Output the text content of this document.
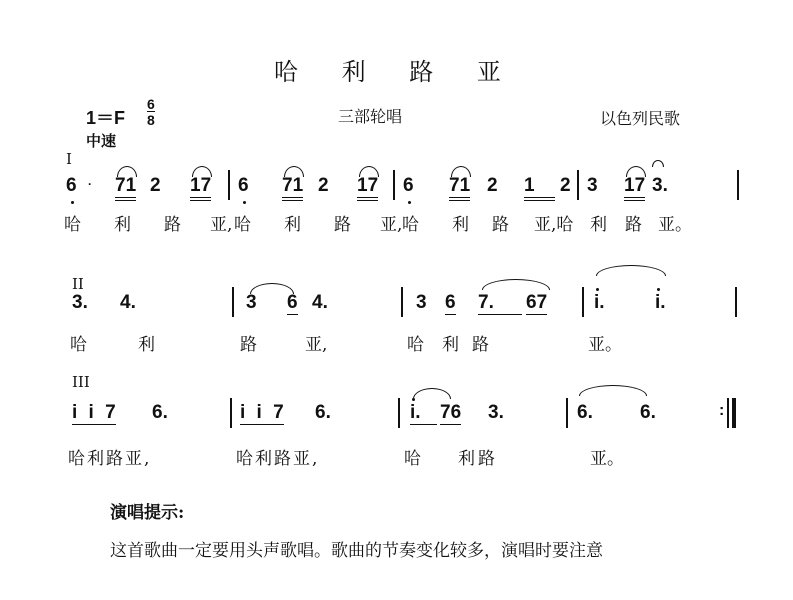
哈 利 路 亚
1＝F
6
8
中速
三部轮唱	以色列民歌
I
6 · 71 2 17 6 71 2 17 6 71 2 1	2 3 17 3.
哈 利 路 亚, 哈 利 路 亚, 哈 利 路 亚,哈 利 路 亚。
II
3. 4.	3 6 4.	3 6 7.	67 i.	i.
哈	利	路	亚,	哈 利 路	亚。
III
i i 7 6.	i i 7 6.	i.	76 3.	6. 6.	:
哈利路亚,	哈利路亚,	哈 利路	亚。
演唱提示:
这首歌曲一定要用头声歌唱。歌曲的节奏变化较多，演唱时要注意
